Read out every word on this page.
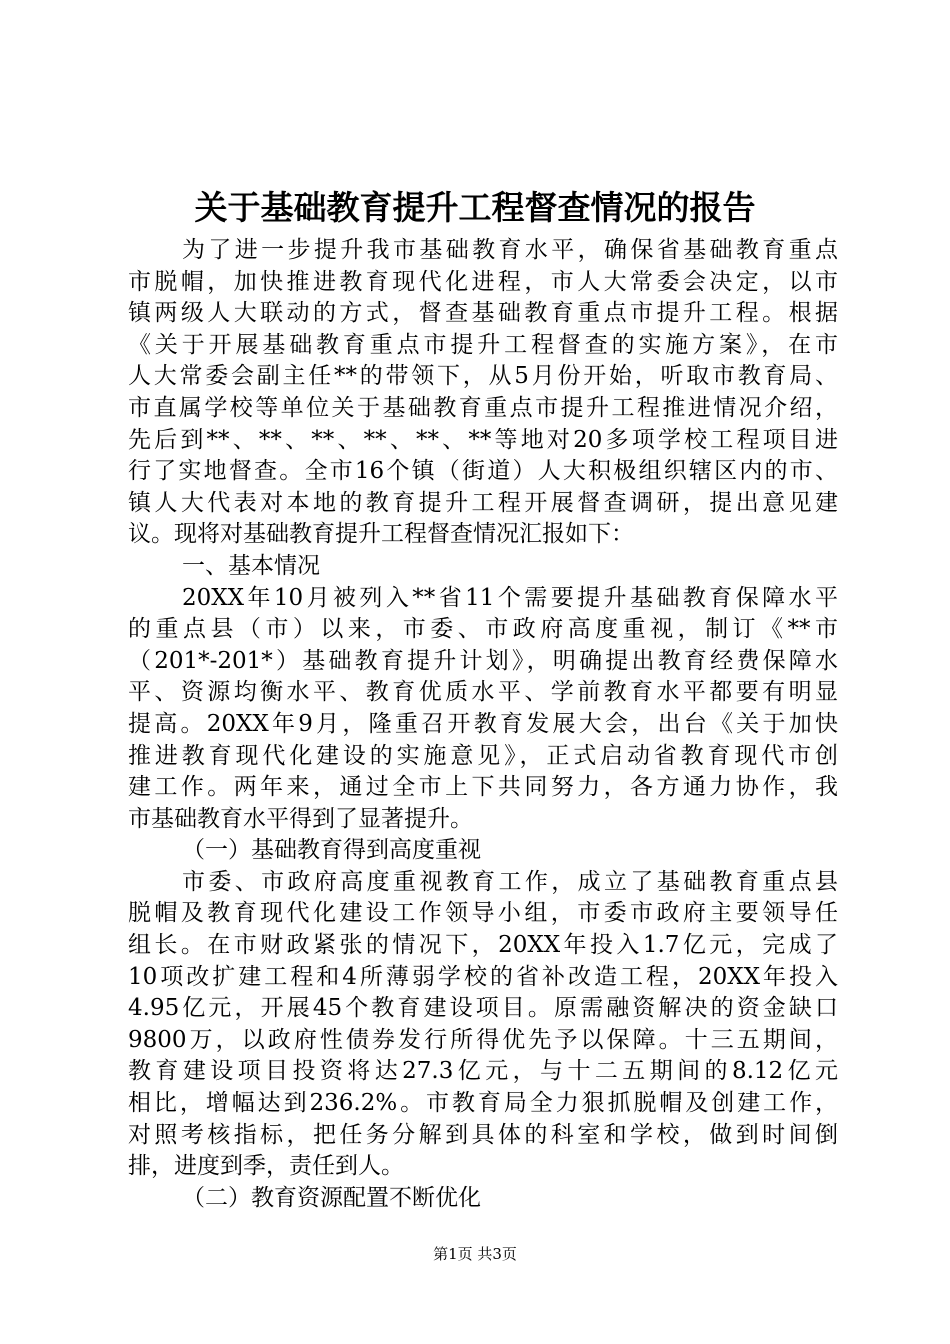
关于基础教育提升工程督查情况的报告
为了进一步提升我市基础教育水平，确保省基础教育重点
市脱帽，加快推进教育现代化进程，市人大常委会决定，以市
镇两级人大联动的方式，督查基础教育重点市提升工程。根据
《关于开展基础教育重点市提升工程督查的实施方案》，在市
人大常委会副主任**的带领下，从5月份开始，听取市教育局、
市直属学校等单位关于基础教育重点市提升工程推进情况介绍，
先后到**、**、**、**、**、**等地对20多项学校工程项目进
行了实地督查。全市16个镇（街道）人大积极组织辖区内的市、
镇人大代表对本地的教育提升工程开展督查调研，提出意见建
议。现将对基础教育提升工程督查情况汇报如下：
一、基本情况
20XX年10月被列入**省11个需要提升基础教育保障水平
的重点县（市）以来，市委、市政府高度重视，制订《**市
（201*-201*）基础教育提升计划》，明确提出教育经费保障水
平、资源均衡水平、教育优质水平、学前教育水平都要有明显
提高。20XX年9月，隆重召开教育发展大会，出台《关于加快
推进教育现代化建设的实施意见》，正式启动省教育现代市创
建工作。两年来，通过全市上下共同努力，各方通力协作，我
市基础教育水平得到了显著提升。
（一）基础教育得到高度重视
市委、市政府高度重视教育工作，成立了基础教育重点县
脱帽及教育现代化建设工作领导小组，市委市政府主要领导任
组长。在市财政紧张的情况下，20XX年投入1.7亿元，完成了
10项改扩建工程和4所薄弱学校的省补改造工程，20XX年投入
4.95亿元，开展45个教育建设项目。原需融资解决的资金缺口
9800万，以政府性债券发行所得优先予以保障。十三五期间，
教育建设项目投资将达27.3亿元，与十二五期间的8.12亿元
相比，增幅达到236.2%。市教育局全力狠抓脱帽及创建工作，
对照考核指标，把任务分解到具体的科室和学校，做到时间倒
排，进度到季，责任到人。
（二）教育资源配置不断优化
第1页 共3页
